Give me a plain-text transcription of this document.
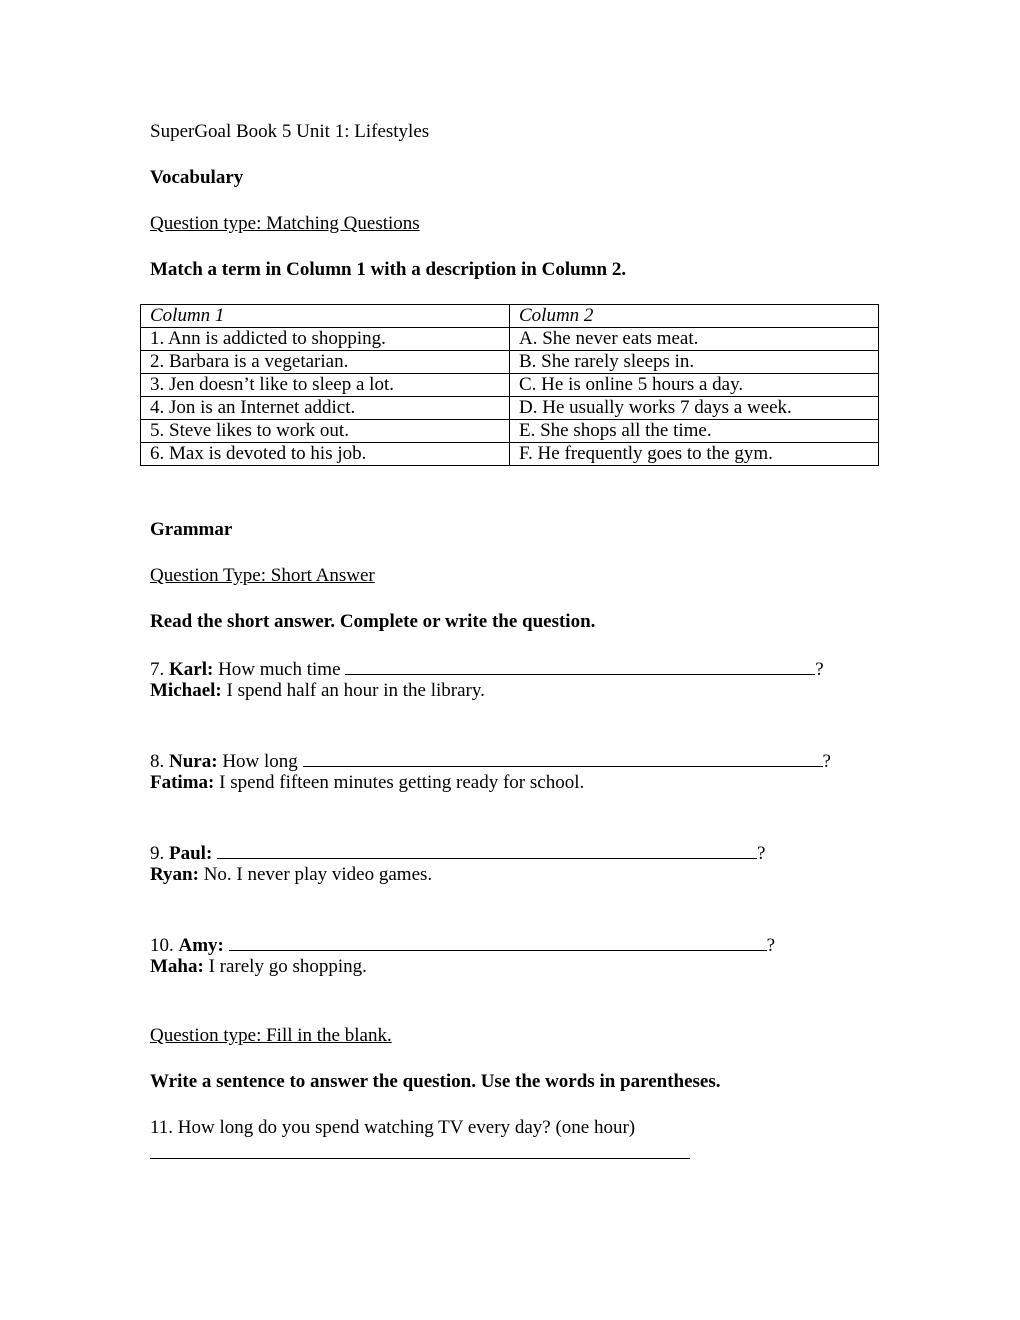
SuperGoal Book 5 Unit 1: Lifestyles
Vocabulary
Question type: Matching Questions
Match a term in Column 1 with a description in Column 2.
Column 1	Column 2
1. Ann is addicted to shopping.	A. She never eats meat.
2. Barbara is a vegetarian.	B. She rarely sleeps in.
3. Jen doesn’t like to sleep a lot.	C. He is online 5 hours a day.
4. Jon is an Internet addict.	D. He usually works 7 days a week.
5. Steve likes to work out.	E. She shops all the time.
6. Max is devoted to his job.	F. He frequently goes to the gym.
Grammar
Question Type: Short Answer
Read the short answer. Complete or write the question.
7. Karl: How much time	?
Michael: I spend half an hour in the library.
8. Nura: How long	?
Fatima: I spend fifteen minutes getting ready for school.
9. Paul:	?
Ryan: No. I never play video games.
10. Amy:	?
Maha: I rarely go shopping.
Question type: Fill in the blank.
Write a sentence to answer the question. Use the words in parentheses.
11. How long do you spend watching TV every day? (one hour)
